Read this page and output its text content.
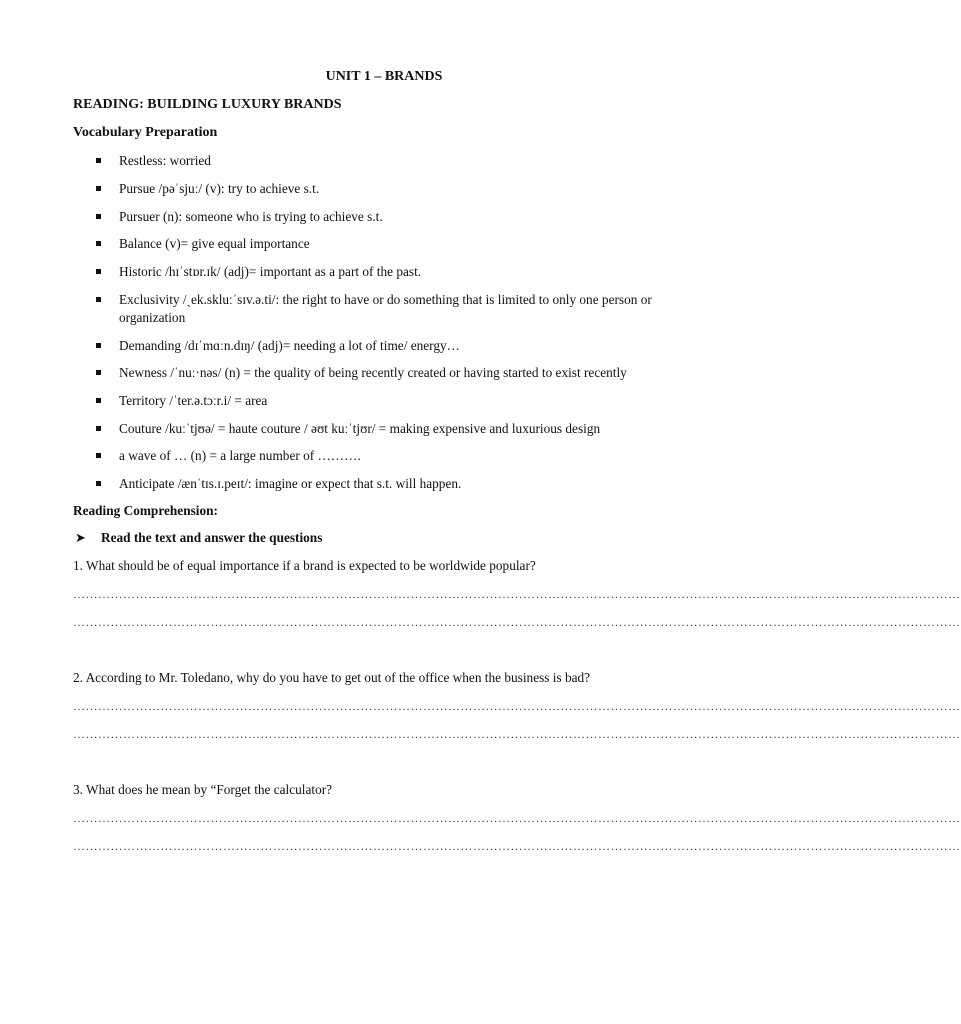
UNIT 1 – BRANDS
READING: BUILDING LUXURY BRANDS
Vocabulary Preparation
Restless: worried
Pursue /pəˈsjuː/ (v): try to achieve s.t.
Pursuer (n): someone who is trying to achieve s.t.
Balance (v)= give equal importance
Historic /hɪˈstɒr.ɪk/ (adj)= important as a part of the past.
Exclusivity /ˏek.skluːˈsɪv.ə.ti/: the right to have or do something that is limited to only one person or organization
Demanding /dɪˈmɑːn.dɪŋ/ (adj)= needing a lot of time/ energy…
Newness /ˈnuː·nəs/ (n) = the quality of being recently created or having started to exist recently
Territory /ˈter.ə.tɔːr.i/ = area
Couture /kuːˈtjʊə/ = haute couture / əʊt kuːˈtjʊr/ = making expensive and luxurious design
a wave of … (n) = a large number of ……….
Anticipate /ænˈtɪs.ɪ.peɪt/: imagine or expect that s.t. will happen.
Reading Comprehension:
➤ Read the text and answer the questions
1. What should be of equal importance if a brand is expected to be worldwide popular?
……………………………………………………………………………………………………………………………………………………………………………………………
……………………………………………………………………………………………………………………………………………………………………………………………
2. According to Mr. Toledano, why do you have to get out of the office when the business is bad?
……………………………………………………………………………………………………………………………………………………………………………………………
……………………………………………………………………………………………………………………………………………………………………………………………
3. What does he mean by “Forget the calculator?
……………………………………………………………………………………………………………………………………………………………………………………………
……………………………………………………………………………………………………………………………………………………………………………………………
